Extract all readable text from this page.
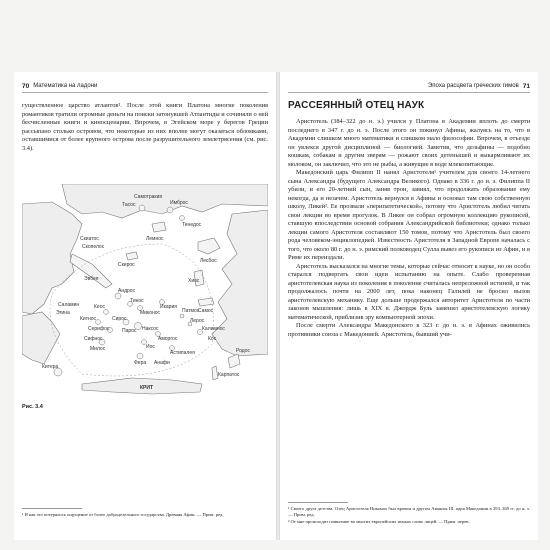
70 Математика на ладони

гуществленное царство атлантов¹. После этой книги Платона многие поколения романтиков тратили огромные деньги на поиски затонувшей Атлантиды и сочиняли о ней бесчисленные книги и киносценарии. Впрочем, в Эгейском море у берегов Греции рассыпано столько островов, что некоторые из них вполне могут оказаться обломками, оставшимися от более крупного острова после разрушительного землетрясения (см. рис. 3.4).

Самотракия
Тасос	Имброс
Тенедос
Лемнос
Скиатос
Скопелос
Скирос
Лесбос
Эвбея	Хиос
Андрос
Самос
Тинос
Миконос
Икария
Патмос
Лерос
Кеос
Китнос	Сирос
Серифос	Парос Наксос
Сифнос
Милос	Иос
Аморгос
Астипалея
Калимнос
Кос
Фера Анафи
Родос
Карпатос
Китера
Саламин
Эгина
КРИТ
Рис. 3.4

¹ И как это потерялось ощущение от более добродетельного государства. Древняя Афин. — Прим. ред.

Эпоха расцвета греческих гимов 71
РАССЕЯННЫЙ ОТЕЦ НАУК

Аристотель (384–322 до н. э.) учился у Платона в Академии вплоть до смерти последнего в 347 г. до н. э. После этого он покинул Афины, жалуясь на то, что в Академии слишком много математики и слишком мало философии. Впрочем, в отъезде он увлекся другой дисциплиной — биологией. Заметив, что дельфины — подобно кошкам, собакам и другим зверям — рожают своих детенышей и выкармливают их молоком, он заключил, что это не рыбы, а живущие в воде млекопитающие.

Македонский царь Филипп II нанял Аристотеля¹ учителем для своего 14-летнего сына Александра (будущего Александра Великого). Однако в 336 г. до н. э. Филиппа II убили, и его 20-летний сын, заняв трон, завиял, что продолжать образование ему некогда, да и незачем. Аристотель вернулся в Афины и основал там свою собственную школу, Ликей². Ее прозвали «перипатетической», потому что Аристотель любил читать свои лекции во время прогулок. В Ликее он собрал огромную коллекцию рукописей, ставшую впоследствии основой собрания Александрийской библиотеки; однако только лекции самого Аристотеля составляют 150 томов, потому что Аристотель был своего рода человеком-энциклопедией. Известность Аристотеля в Западной Европе началась с того, что около 80 г. до н. э. римский полководец Сулла вывез его рукописи из Афин, и в Риме их переиздали.

Аристотель высказался на многие темы, которые сейчас относят к науке, но он особо старался подвергать свои идеи испытанию на опыте. Слабо проверенная аристотелевская наука из поколения в поколение считалась непреложной истиной, и так продолжалось почти на 2000 лет, пока наконец Галилей не бросил вызов аристотелевскую механику. Еще дольше продержался авторитет Аристотеля по части законов мышления: лишь в XIX в. Джордж Буль заменил аристотелевскую логику математической, приблизив эру компьютерной эпохи.

После смерти Александра Македонского в 323 г. до н. э. в Афинах оживились противники союза с Македонией. Аристотель, бывший учи-

¹ Своего друга детства. Отец Аристотеля Никомах был врачом и другом Аминты III, царя Македонии в 393–369 гг. до н. э. — Прим. ред.

² От мне происходит появление во многих европейских языках слово лицей. — Прим. перев.
